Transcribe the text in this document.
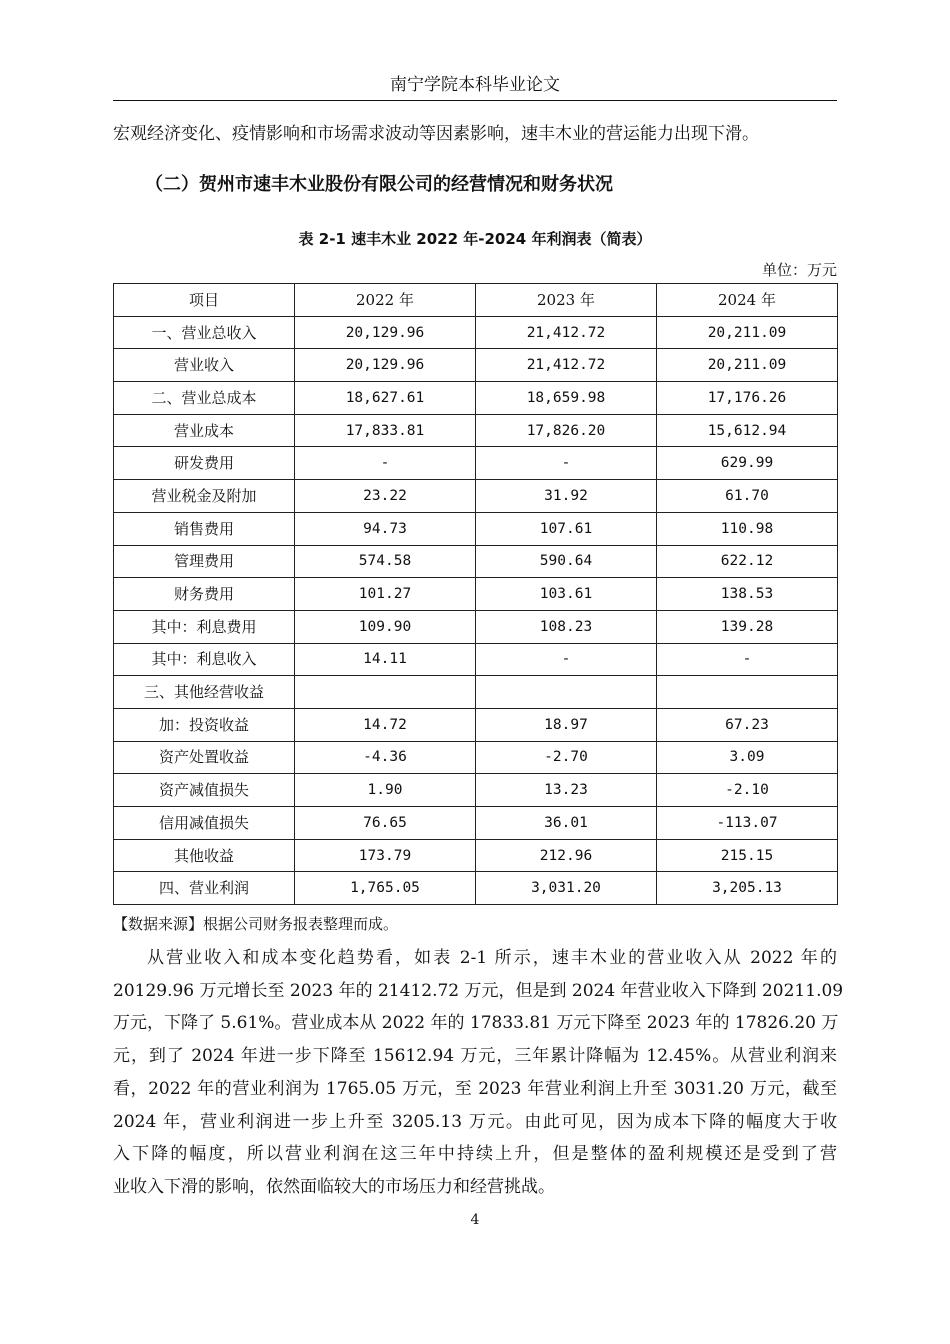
南宁学院本科毕业论文
宏观经济变化、疫情影响和市场需求波动等因素影响，速丰木业的营运能力出现下滑。
（二）贺州市速丰木业股份有限公司的经营情况和财务状况
表 2-1 速丰木业 2022 年-2024 年利润表（简表）
单位：万元
项目	2022 年	2023 年	2024 年
一、营业总收入	20,129.96	21,412.72	20,211.09
营业收入	20,129.96	21,412.72	20,211.09
二、营业总成本	18,627.61	18,659.98	17,176.26
营业成本	17,833.81	17,826.20	15,612.94
研发费用	-	-	629.99
营业税金及附加	23.22	31.92	61.70
销售费用	94.73	107.61	110.98
管理费用	574.58	590.64	622.12
财务费用	101.27	103.61	138.53
其中：利息费用	109.90	108.23	139.28
其中：利息收入	14.11	-	-
三、其他经营收益			
加：投资收益	14.72	18.97	67.23
资产处置收益	-4.36	-2.70	3.09
资产减值损失	1.90	13.23	-2.10
信用减值损失	76.65	36.01	-113.07
其他收益	173.79	212.96	215.15
四、营业利润	1,765.05	3,031.20	3,205.13
【数据来源】根据公司财务报表整理而成。
从营业收入和成本变化趋势看，如表 2-1 所示，速丰木业的营业收入从 2022 年的
20129.96 万元增长至 2023 年的 21412.72 万元，但是到 2024 年营业收入下降到 20211.09
万元，下降了 5.61%。营业成本从 2022 年的 17833.81 万元下降至 2023 年的 17826.20 万
元，到了 2024 年进一步下降至 15612.94 万元，三年累计降幅为 12.45%。从营业利润来
看，2022 年的营业利润为 1765.05 万元，至 2023 年营业利润上升至 3031.20 万元，截至
2024 年，营业利润进一步上升至 3205.13 万元。由此可见，因为成本下降的幅度大于收
入下降的幅度，所以营业利润在这三年中持续上升，但是整体的盈利规模还是受到了营
业收入下滑的影响，依然面临较大的市场压力和经营挑战。
4
